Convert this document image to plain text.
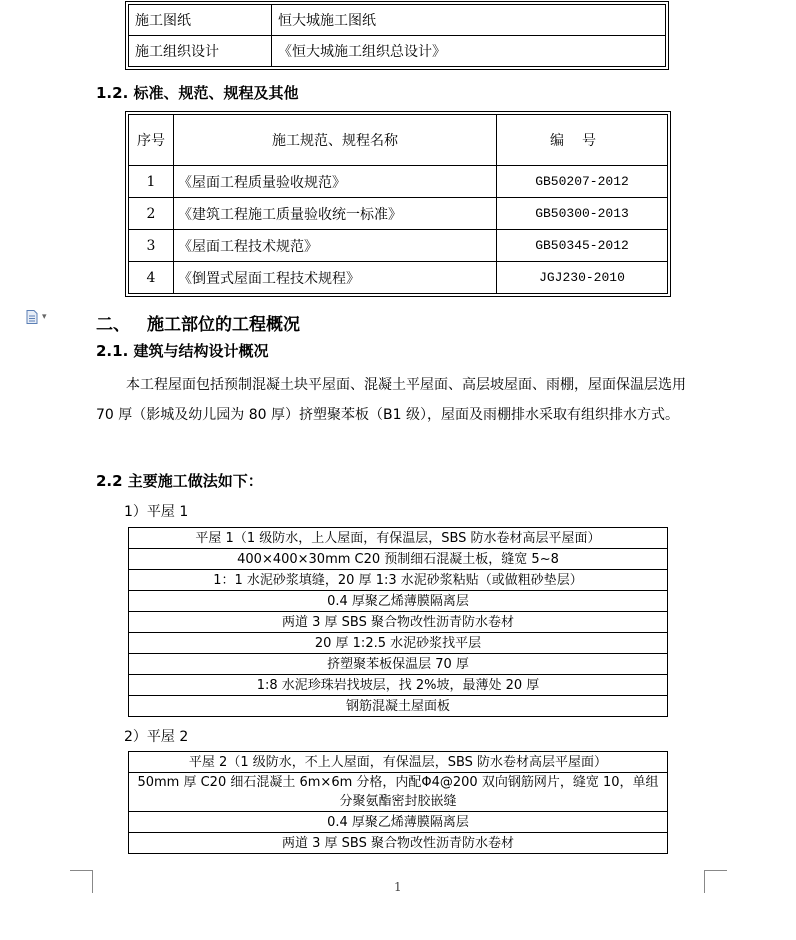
施工图纸	恒大城施工图纸
施工组织设计	《恒大城施工组织总设计》
1.2. 标准、规范、规程及其他
序号	施工规范、规程名称	编号
1	《屋面工程质量验收规范》	GB50207-2012
2	《建筑工程施工质量验收统一标准》	GB50300-2013
3	《屋面工程技术规范》	GB50345-2012
4	《倒置式屋面工程技术规程》	JGJ230-2010
▾	二、 施工部位的工程概况
2.1. 建筑与结构设计概况
本工程屋面包括预制混凝土块平屋面、混凝土平屋面、高层坡屋面、雨棚，屋面保温层选用 70 厚（影城及幼儿园为 80 厚）挤塑聚苯板（B1 级），屋面及雨棚排水采取有组织排水方式。
2.2 主要施工做法如下：
1）平屋 1
平屋 1（1 级防水，上人屋面，有保温层，SBS 防水卷材高层平屋面）
400×400×30mm C20 预制细石混凝土板，缝宽 5~8
1：1 水泥砂浆填缝，20 厚 1:3 水泥砂浆粘贴（或做粗砂垫层）
0.4 厚聚乙烯薄膜隔离层
两道 3 厚 SBS 聚合物改性沥青防水卷材
20 厚 1:2.5 水泥砂浆找平层
挤塑聚苯板保温层 70 厚
1:8 水泥珍珠岩找坡层，找 2%坡，最薄处 20 厚
钢筋混凝土屋面板
2）平屋 2
平屋 2（1 级防水，不上人屋面，有保温层，SBS 防水卷材高层平屋面）
50mm 厚 C20 细石混凝土 6m×6m 分格，内配Φ4@200 双向钢筋网片，缝宽 10，单组分聚氨酯密封胶嵌缝
0.4 厚聚乙烯薄膜隔离层
两道 3 厚 SBS 聚合物改性沥青防水卷材
1
